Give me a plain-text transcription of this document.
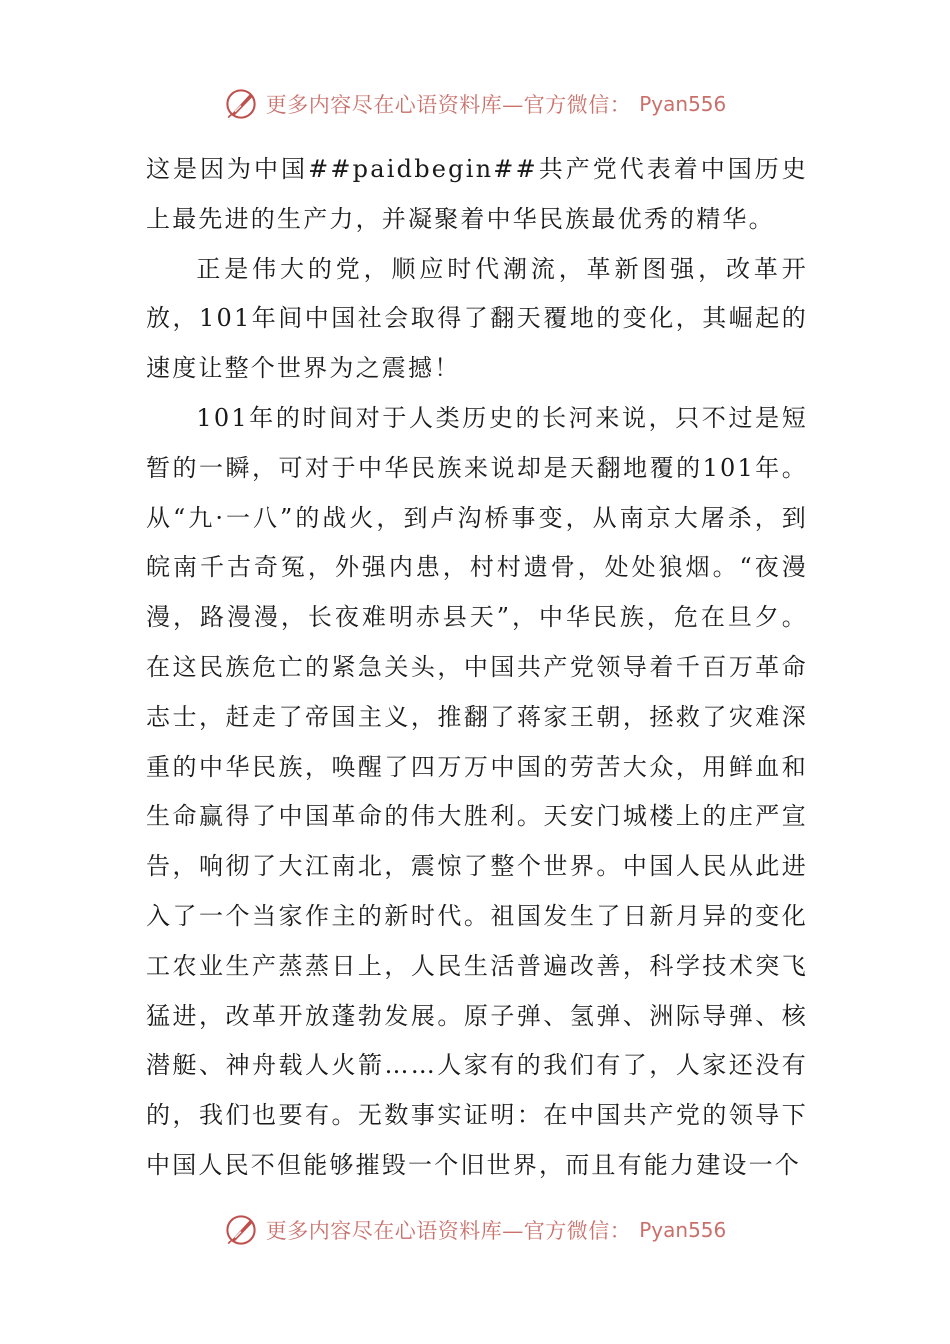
更多内容尽在心语资料库—官方微信： Pyan556

这是因为中国##paidbegin##共产党代表着中国历史上最先进的生产力，并凝聚着中华民族最优秀的精华。

正是伟大的党，顺应时代潮流，革新图强，改革开放，101年间中国社会取得了翻天覆地的变化，其崛起的速度让整个世界为之震撼！

101年的时间对于人类历史的长河来说，只不过是短暂的一瞬，可对于中华民族来说却是天翻地覆的101年。从“九·一八”的战火，到卢沟桥事变，从南京大屠杀，到皖南千古奇冤，外强内患，村村遗骨，处处狼烟。“夜漫漫，路漫漫，长夜难明赤县天”，中华民族，危在旦夕。在这民族危亡的紧急关头，中国共产党领导着千百万革命志士，赶走了帝国主义，推翻了蒋家王朝，拯救了灾难深重的中华民族，唤醒了四万万中国的劳苦大众，用鲜血和生命赢得了中国革命的伟大胜利。天安门城楼上的庄严宣告，响彻了大江南北，震惊了整个世界。中国人民从此进入了一个当家作主的新时代。祖国发生了日新月异的变化工农业生产蒸蒸日上，人民生活普遍改善，科学技术突飞猛进，改革开放蓬勃发展。原子弹、氢弹、洲际导弹、核潜艇、神舟载人火箭……人家有的我们有了，人家还没有的，我们也要有。无数事实证明：在中国共产党的领导下中国人民不但能够摧毁一个旧世界，而且有能力建设一个

更多内容尽在心语资料库—官方微信： Pyan556
